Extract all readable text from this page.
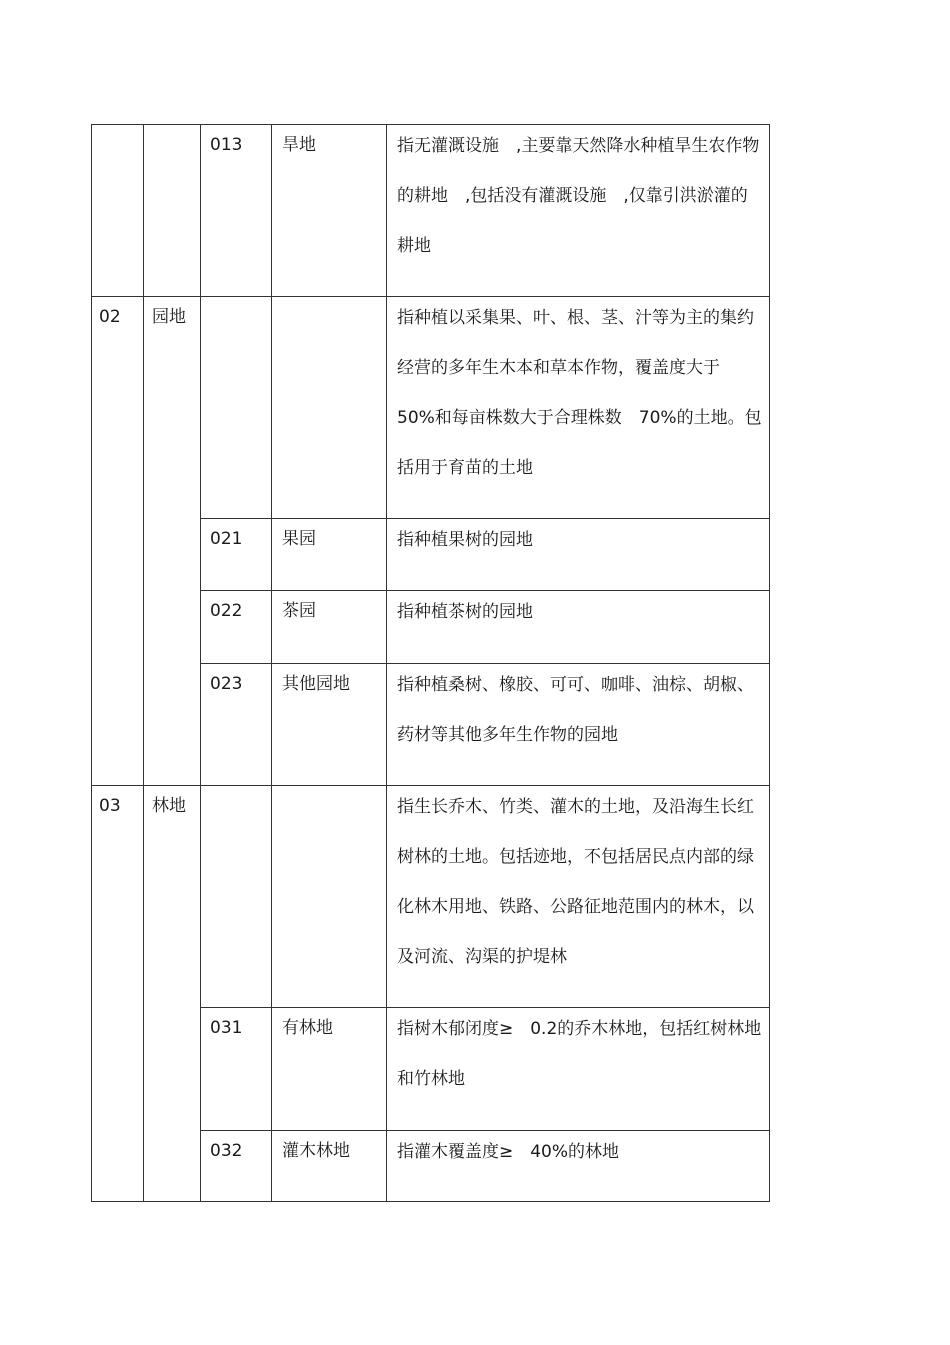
		013	旱地	指无灌溉设施　,主要靠天然降水种植旱生农作物的耕地　,包括没有灌溉设施　,仅靠引洪淤灌的耕地

02	园地			指种植以采集果、叶、根、茎、汁等为主的集约经营的多年生木本和草本作物，覆盖度大于　50%和每亩株数大于合理株数　70%的土地。包括用于育苗的土地

		021	果园	指种植果树的园地

		022	茶园	指种植茶树的园地

		023	其他园地	指种植桑树、橡胶、可可、咖啡、油棕、胡椒、药材等其他多年生作物的园地

03	林地			指生长乔木、竹类、灌木的土地，及沿海生长红树林的土地。包括迹地，不包括居民点内部的绿化林木用地、铁路、公路征地范围内的林木，以及河流、沟渠的护堤林

		031	有林地	指树木郁闭度≥　0.2的乔木林地，包括红树林地和竹林地

		032	灌木林地	指灌木覆盖度≥　40%的林地
